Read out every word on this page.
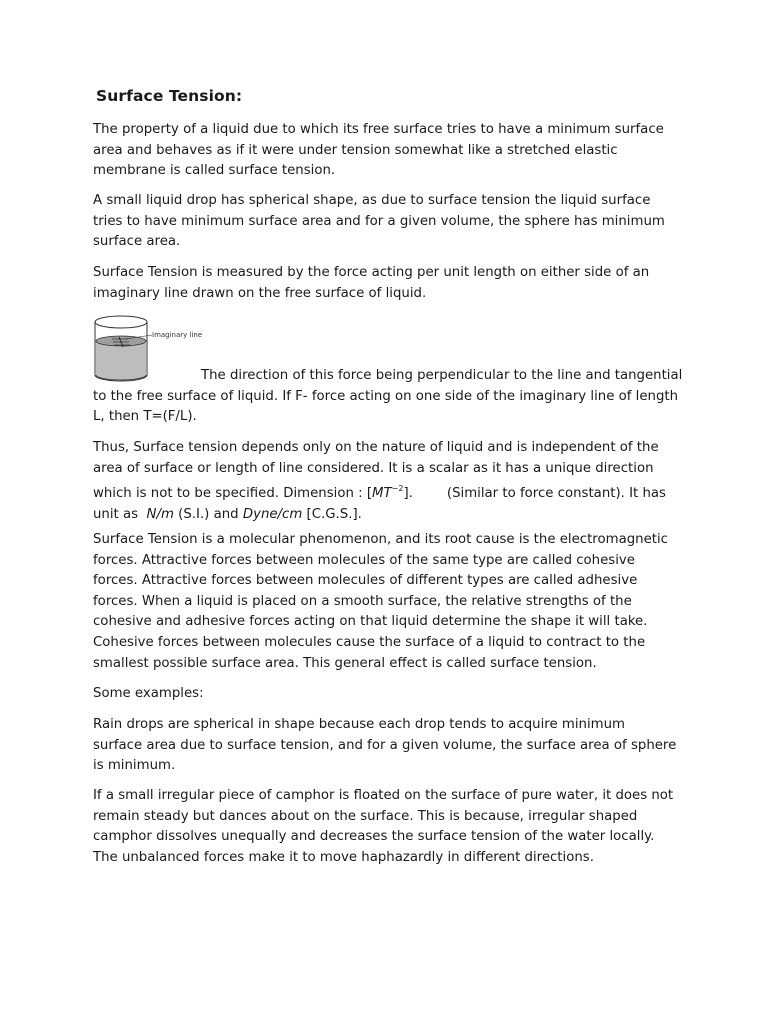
Surface Tension:

The property of a liquid due to which its free surface tries to have a minimum surface
area and behaves as if it were under tension somewhat like a stretched elastic
membrane is called surface tension.

A small liquid drop has spherical shape, as due to surface tension the liquid surface
tries to have minimum surface area and for a given volume, the sphere has minimum
surface area.

Surface Tension is measured by the force acting per unit length on either side of an
imaginary line drawn on the free surface of liquid.

Imaginary line

The direction of this force being perpendicular to the line and tangential
to the free surface of liquid. If F- force acting on one side of the imaginary line of length
L, then T=(F/L).

Thus, Surface tension depends only on the nature of liquid and is independent of the
area of surface or length of line considered. It is a scalar as it has a unique direction
which is not to be specified. Dimension : $[MT^{-2}]$.	(Similar to force constant). It has
unit as N/m (S.I.) and Dyne/cm [C.G.S.].

Surface Tension is a molecular phenomenon, and its root cause is the electromagnetic
forces. Attractive forces between molecules of the same type are called cohesive
forces. Attractive forces between molecules of different types are called adhesive
forces. When a liquid is placed on a smooth surface, the relative strengths of the
cohesive and adhesive forces acting on that liquid determine the shape it will take.
Cohesive forces between molecules cause the surface of a liquid to contract to the
smallest possible surface area. This general effect is called surface tension.

Some examples:

Rain drops are spherical in shape because each drop tends to acquire minimum
surface area due to surface tension, and for a given volume, the surface area of sphere
is minimum.

If a small irregular piece of camphor is floated on the surface of pure water, it does not
remain steady but dances about on the surface. This is because, irregular shaped
camphor dissolves unequally and decreases the surface tension of the water locally.
The unbalanced forces make it to move haphazardly in different directions.
